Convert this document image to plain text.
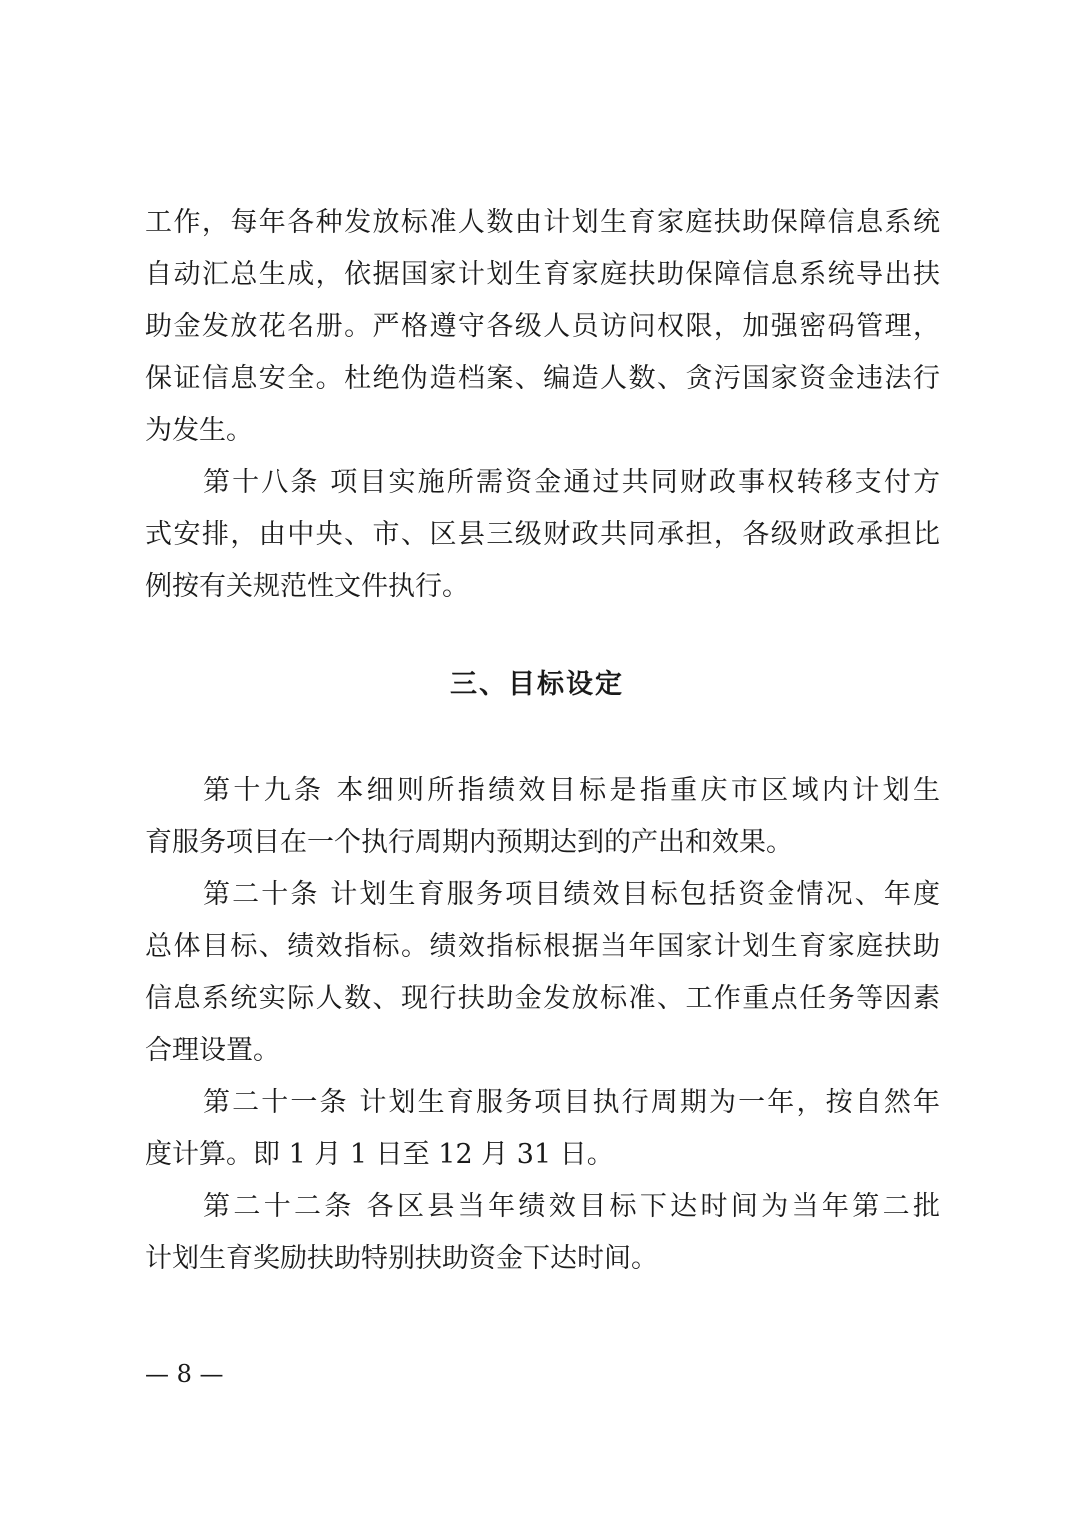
工作，每年各种发放标准人数由计划生育家庭扶助保障信息系统
自动汇总生成，依据国家计划生育家庭扶助保障信息系统导出扶
助金发放花名册。严格遵守各级人员访问权限，加强密码管理，
保证信息安全。杜绝伪造档案、编造人数、贪污国家资金违法行
为发生。
第十八条 项目实施所需资金通过共同财政事权转移支付方
式安排，由中央、市、区县三级财政共同承担，各级财政承担比
例按有关规范性文件执行。
三、目标设定
第十九条 本细则所指绩效目标是指重庆市区域内计划生
育服务项目在一个执行周期内预期达到的产出和效果。
第二十条 计划生育服务项目绩效目标包括资金情况、年度
总体目标、绩效指标。绩效指标根据当年国家计划生育家庭扶助
信息系统实际人数、现行扶助金发放标准、工作重点任务等因素
合理设置。
第二十一条 计划生育服务项目执行周期为一年，按自然年
度计算。即 1 月 1 日至 12 月 31 日。
第二十二条 各区县当年绩效目标下达时间为当年第二批
计划生育奖励扶助特别扶助资金下达时间。
— 8 —
